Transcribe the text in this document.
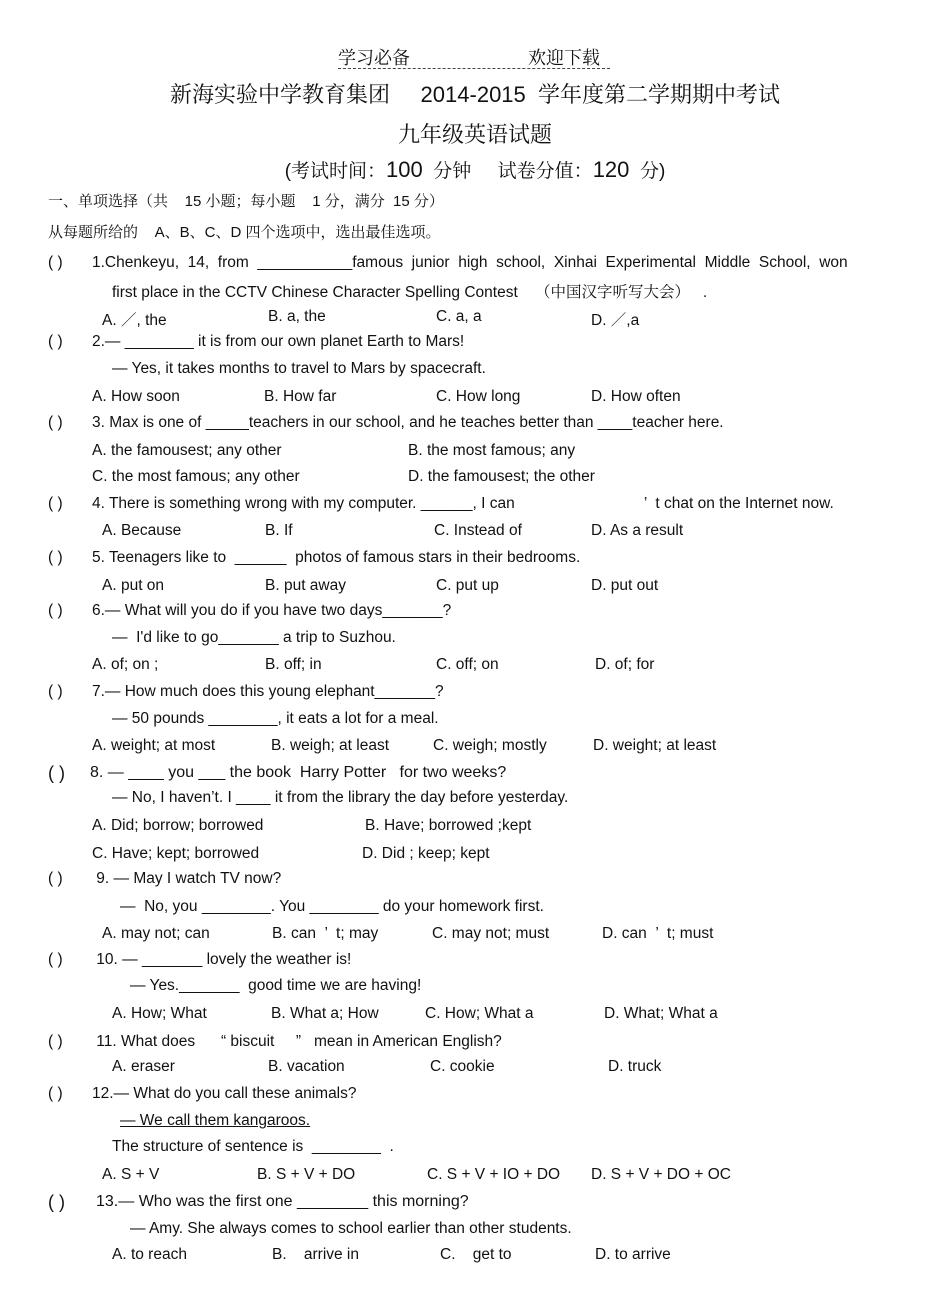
学习必备	欢迎下载
新海实验中学教育集团     2014-2015  学年度第二学期期中考试
九年级英语试题
(考试时间：100  分钟     试卷分值：120  分)
一、单项选择（共    15 小题；每小题    1 分，满分  15 分）
从每题所给的    A、B、C、D 四个选项中，选出最佳选项。
( ) 1.Chenkeyu,  14,  from  ___________famous  junior  high  school,  Xinhai  Experimental  Middle  School,  won
first place in the CCTV Chinese Character Spelling Contest    （中国汉字听写大会）   .
A. ／, the	B. a, the	C. a, a	D. ／,a
( ) 2.— ________ it is from our own planet Earth to Mars!
— Yes, it takes months to travel to Mars by spacecraft.
A. How soon	B. How far	C. How long	D. How often
( ) 3. Max is one of _____teachers in our school, and he teaches better than ____teacher here.
A. the famousest; any other	B. the most famous; any
C. the most famous; any other	D. the famousest; the other
( ) 4. There is something wrong with my computer. ______, I can                              ’  t chat on the Internet now.
A. Because	B. If	C. Instead of	D. As a result
( ) 5. Teenagers like to  ______  photos of famous stars in their bedrooms.
A. put on	B. put away	C. put up	D. put out
( ) 6.— What will you do if you have two days_______?
—  I'd like to go_______ a trip to Suzhou.
A. of; on ;	B. off; in	C. off; on	D. of; for
( ) 7.— How much does this young elephant_______?
— 50 pounds ________, it eats a lot for a meal.
A. weight; at most	B. weigh; at least	C. weigh; mostly	D. weight; at least
( ) 8. — ____ you ___ the book  Harry Potter   for two weeks?
— No, I haven’t. I ____ it from the library the day before yesterday.
A. Did; borrow; borrowed	B. Have; borrowed ;kept
C. Have; kept; borrowed	D. Did ; keep; kept
( ) 9. — May I watch TV now?
—  No, you ________. You ________ do your homework first.
A. may not; can	B. can  ’  t; may	C. may not; must	D. can  ’  t; must
( ) 10. — _______ lovely the weather is!
— Yes._______  good time we are having!
A. How; What	B. What a; How	C. How; What a	D. What; What a
( ) 11. What does      “ biscuit     ”   mean in American English?
A. eraser	B. vacation	C. cookie	D. truck
( ) 12.— What do you call these animals?
— We call them kangaroos.
The structure of sentence is  ________  .
A. S + V	B. S + V + DO	C. S + V + IO + DO D. S + V + DO + OC
( ) 13.— Who was the first one ________ this morning?
— Amy. She always comes to school earlier than other students.
A. to reach	B.    arrive in	C.    get to	D. to arrive
